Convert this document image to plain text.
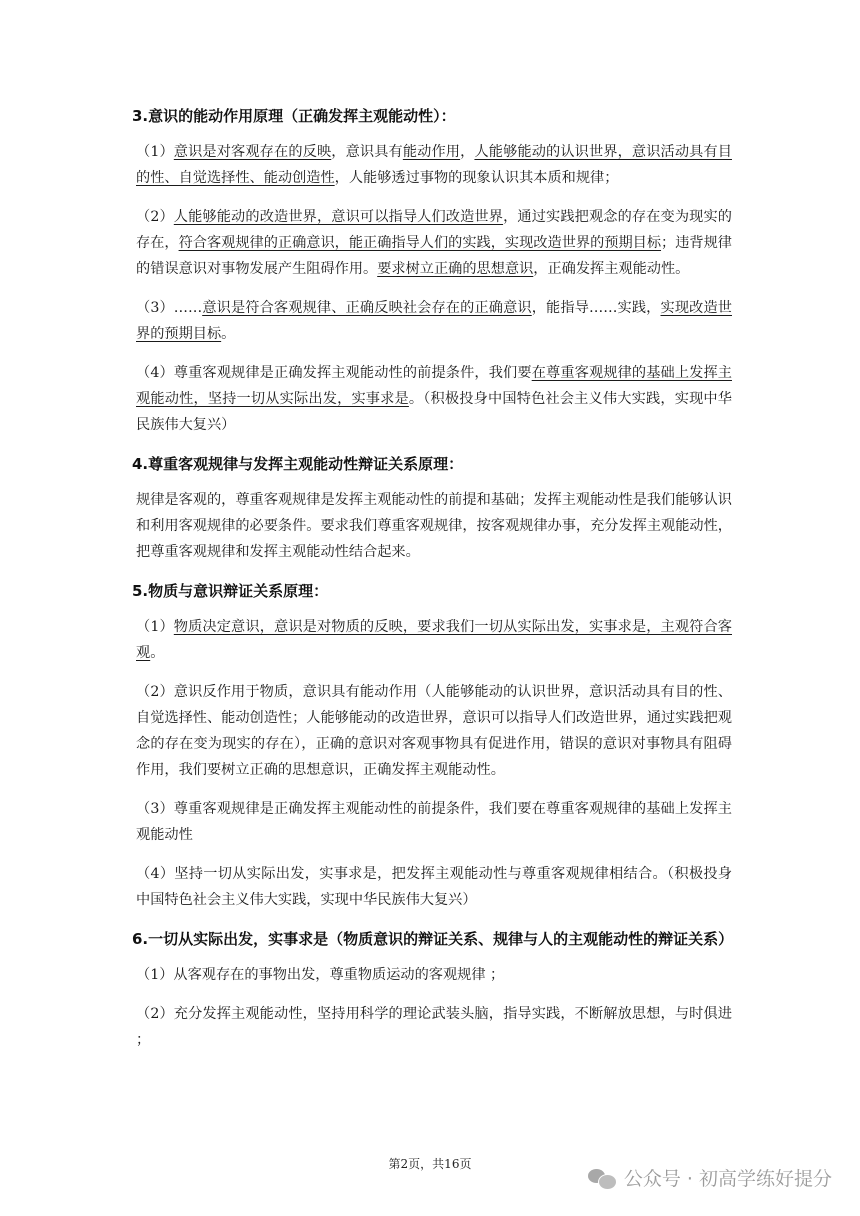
3.意识的能动作用原理（正确发挥主观能动性）：
（1）意识是对客观存在的反映，意识具有能动作用，人能够能动的认识世界，意识活动具有目的性、自觉选择性、能动创造性，人能够透过事物的现象认识其本质和规律；
（2）人能够能动的改造世界，意识可以指导人们改造世界，通过实践把观念的存在变为现实的存在，符合客观规律的正确意识，能正确指导人们的实践，实现改造世界的预期目标；违背规律的错误意识对事物发展产生阻碍作用。要求树立正确的思想意识，正确发挥主观能动性。
（3）……意识是符合客观规律、正确反映社会存在的正确意识，能指导……实践，实现改造世界的预期目标。
（4）尊重客观规律是正确发挥主观能动性的前提条件，我们要在尊重客观规律的基础上发挥主观能动性，坚持一切从实际出发，实事求是。（积极投身中国特色社会主义伟大实践，实现中华民族伟大复兴）
4.尊重客观规律与发挥主观能动性辩证关系原理：
规律是客观的，尊重客观规律是发挥主观能动性的前提和基础；发挥主观能动性是我们能够认识和利用客观规律的必要条件。要求我们尊重客观规律，按客观规律办事，充分发挥主观能动性，把尊重客观规律和发挥主观能动性结合起来。
5.物质与意识辩证关系原理：
（1）物质决定意识，意识是对物质的反映，要求我们一切从实际出发，实事求是，主观符合客观。
（2）意识反作用于物质，意识具有能动作用（人能够能动的认识世界，意识活动具有目的性、自觉选择性、能动创造性；人能够能动的改造世界，意识可以指导人们改造世界，通过实践把观念的存在变为现实的存在），正确的意识对客观事物具有促进作用，错误的意识对事物具有阻碍作用，我们要树立正确的思想意识，正确发挥主观能动性。
（3）尊重客观规律是正确发挥主观能动性的前提条件，我们要在尊重客观规律的基础上发挥主观能动性
（4）坚持一切从实际出发，实事求是，把发挥主观能动性与尊重客观规律相结合。（积极投身中国特色社会主义伟大实践，实现中华民族伟大复兴）
6.一切从实际出发，实事求是（物质意识的辩证关系、规律与人的主观能动性的辩证关系）
（1）从客观存在的事物出发，尊重物质运动的客观规律 ；
（2）充分发挥主观能动性，坚持用科学的理论武装头脑，指导实践，不断解放思想，与时俱进 ；
第2页，共16页
公众号 · 初高学练好提分
